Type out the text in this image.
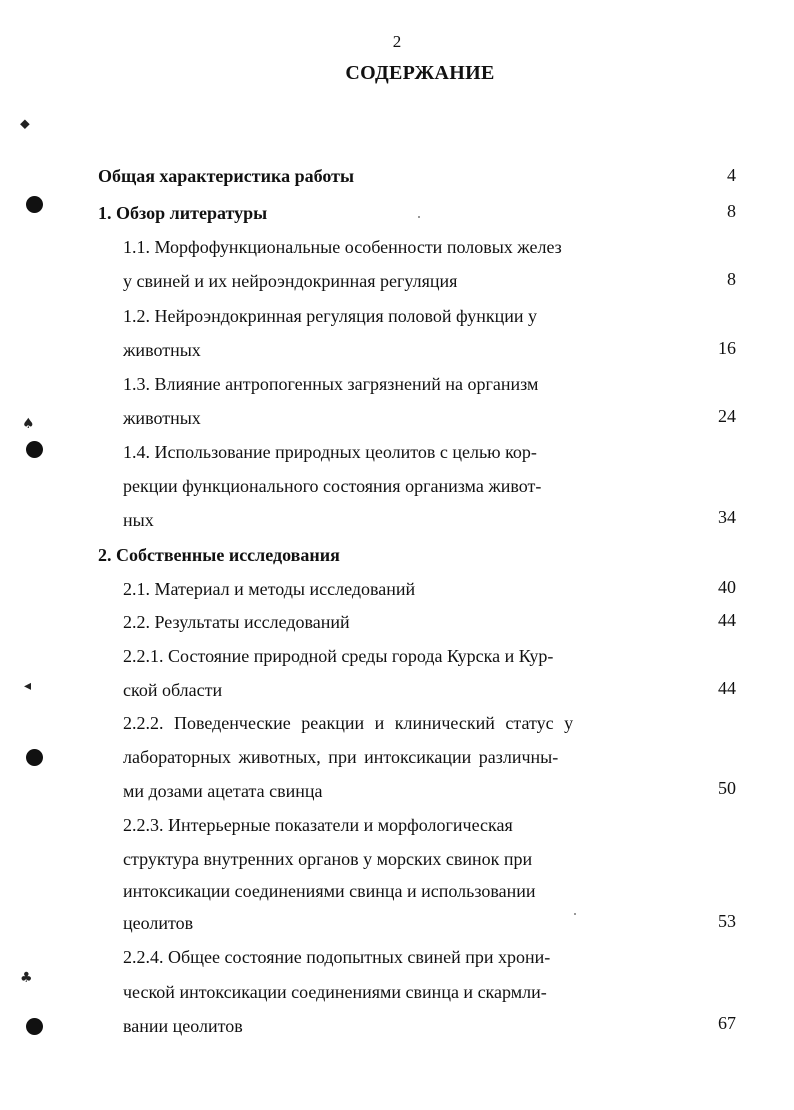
⬥
♠
◂
♣
2
СОДЕРЖАНИЕ
Общая характеристика работы	4
1. Обзор литературы	8
1.1. Морфофункциональные особенности половых желез
у свиней и их нейроэндокринная регуляция	8
1.2. Нейроэндокринная регуляция половой функции у
животных	16
1.3. Влияние антропогенных загрязнений на организм
животных	24
1.4. Использование природных цеолитов с целью кор-
рекции функционального состояния организма живот-
ных	34
2. Собственные исследования
2.1. Материал и методы исследований	40
2.2. Результаты исследований	44
2.2.1. Состояние природной среды города Курска и Кур-
ской области	44
2.2.2. Поведенческие реакции и клинический статус у
лабораторных животных, при интоксикации различны-
ми дозами ацетата свинца	50
2.2.3. Интерьерные показатели и морфологическая
структура внутренних органов у морских свинок при
интоксикации соединениями свинца и использовании
цеолитов	53
2.2.4. Общее состояние подопытных свиней при хрони-
ческой интоксикации соединениями свинца и скармли-
вании цеолитов	67
